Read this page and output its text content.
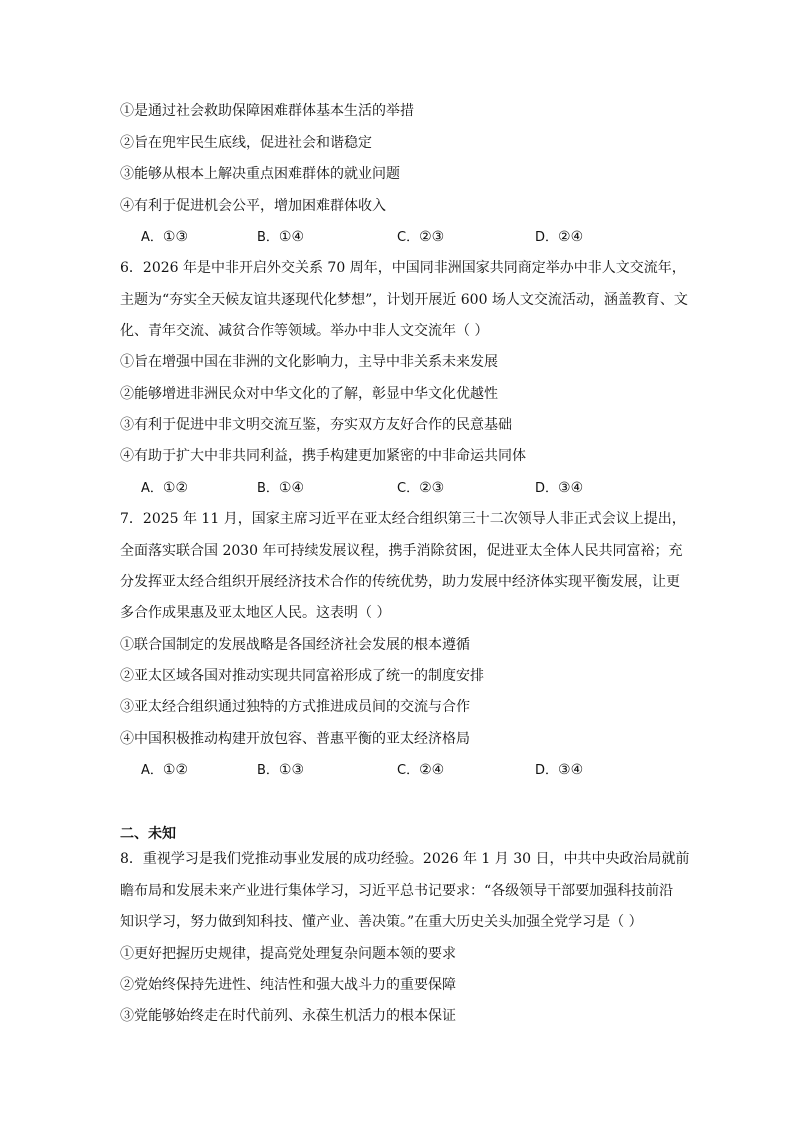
①是通过社会救助保障困难群体基本生活的举措
②旨在兜牢民生底线，促进社会和谐稳定
③能够从根本上解决重点困难群体的就业问题
④有利于促进机会公平，增加困难群体收入
A．①③	B．①④	C．②③	D．②④
6．2026 年是中非开启外交关系 70 周年，中国同非洲国家共同商定举办中非人文交流年，
主题为“夯实全天候友谊共逐现代化梦想”，计划开展近 600 场人文交流活动，涵盖教育、文
化、青年交流、减贫合作等领域。举办中非人文交流年（ ）
①旨在增强中国在非洲的文化影响力，主导中非关系未来发展
②能够增进非洲民众对中华文化的了解，彰显中华文化优越性
③有利于促进中非文明交流互鉴，夯实双方友好合作的民意基础
④有助于扩大中非共同利益，携手构建更加紧密的中非命运共同体
A．①②	B．①④	C．②③	D．③④
7．2025 年 11 月，国家主席习近平在亚太经合组织第三十二次领导人非正式会议上提出，
全面落实联合国 2030 年可持续发展议程，携手消除贫困，促进亚太全体人民共同富裕；充
分发挥亚太经合组织开展经济技术合作的传统优势，助力发展中经济体实现平衡发展，让更
多合作成果惠及亚太地区人民。这表明（ ）
①联合国制定的发展战略是各国经济社会发展的根本遵循
②亚太区域各国对推动实现共同富裕形成了统一的制度安排
③亚太经合组织通过独特的方式推进成员间的交流与合作
④中国积极推动构建开放包容、普惠平衡的亚太经济格局
A．①②	B．①③	C．②④	D．③④
二、未知
8．重视学习是我们党推动事业发展的成功经验。2026 年 1 月 30 日，中共中央政治局就前
瞻布局和发展未来产业进行集体学习，习近平总书记要求：“各级领导干部要加强科技前沿
知识学习，努力做到知科技、懂产业、善决策。”在重大历史关头加强全党学习是（ ）
①更好把握历史规律，提高党处理复杂问题本领的要求
②党始终保持先进性、纯洁性和强大战斗力的重要保障
③党能够始终走在时代前列、永葆生机活力的根本保证
